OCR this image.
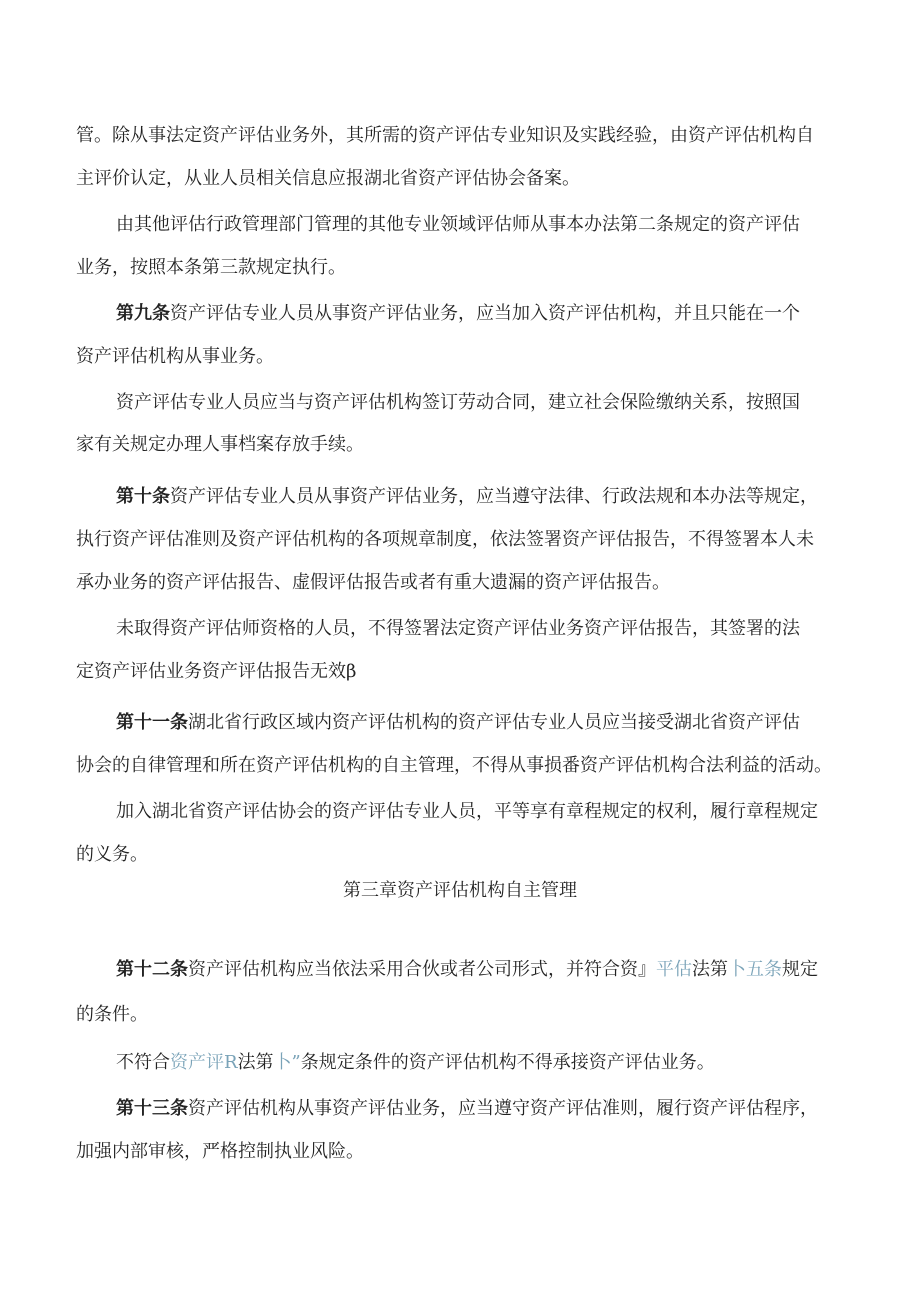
管。除从事法定资产评估业务外，其所需的资产评估专业知识及实践经验，由资产评估机构自
主评价认定，从业人员相关信息应报湖北省资产评估协会备案。
由其他评估行政管理部门管理的其他专业领域评估师从事本办法第二条规定的资产评估
业务，按照本条第三款规定执行。
第九条资产评估专业人员从事资产评估业务，应当加入资产评估机构，并且只能在一个
资产评估机构从事业务。
资产评估专业人员应当与资产评估机构签订劳动合同，建立社会保险缴纳关系，按照国
家有关规定办理人事档案存放手续。
第十条资产评估专业人员从事资产评估业务，应当遵守法律、行政法规和本办法等规定，
执行资产评估准则及资产评估机构的各项规章制度，依法签署资产评估报告，不得签署本人未
承办业务的资产评估报告、虚假评估报告或者有重大遗漏的资产评估报告。
未取得资产评估师资格的人员，不得签署法定资产评估业务资产评估报告，其签署的法
定资产评估业务资产评估报告无效β
第十一条湖北省行政区域内资产评估机构的资产评估专业人员应当接受湖北省资产评估
协会的自律管理和所在资产评估机构的自主管理，不得从事损番资产评估机构合法利益的活动。
加入湖北省资产评估协会的资产评估专业人员，平等享有章程规定的权利，履行章程规定
的义务。
第三章资产评估机构自主管理
第十二条资产评估机构应当依法采用合伙或者公司形式，并符合资』平估法第卜五条规定
的条件。
不符合资产评R法第卜”条规定条件的资产评估机构不得承接资产评估业务。
第十三条资产评估机构从事资产评估业务，应当遵守资产评估准则，履行资产评估程序，
加强内部审核，严格控制执业风险。
